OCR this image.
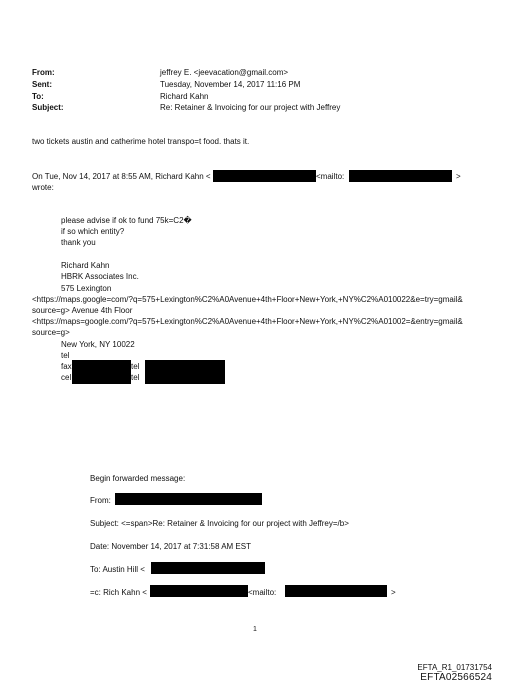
From:	jeffrey E. <jeevacation@gmail.com>
Sent:	Tuesday, November 14, 2017 11:16 PM
To:	Richard Kahn
Subject:	Re: Retainer & Invoicing for our project with Jeffrey
two tickets austin and catherime hotel transpo=t food. thats it.
On Tue, Nov 14, 2017 at 8:55 AM, Richard Kahn <	<mailto:	>
wrote:
please advise if ok to fund 75k=C2�
if so which entity?
thank you
Richard Kahn
HBRK Associates Inc.
575 Lexington
<https://maps.google=com/?q=575+Lexington%C2%A0Avenue+4th+Floor+New+York,+NY%C2%A010022&e=try=gmail&
source=g> Avenue 4th Floor
<https://maps=google.com/?q=575+Lexington%C2%A0Avenue+4th+Floor+New+York,+NY%C2%A01002=&entry=gmail&
source=g>
New York, NY 10022
tel
fax
cel
tel
tel
Begin forwarded message:
From:
Subject: <=span>Re: Retainer & Invoicing for our project with Jeffrey=/b>
Date: November 14, 2017 at 7:31:58 AM EST
To: Austin Hill <
=c: Rich Kahn <	<mailto:	>
1
EFTA_R1_01731754
EFTA02566524
